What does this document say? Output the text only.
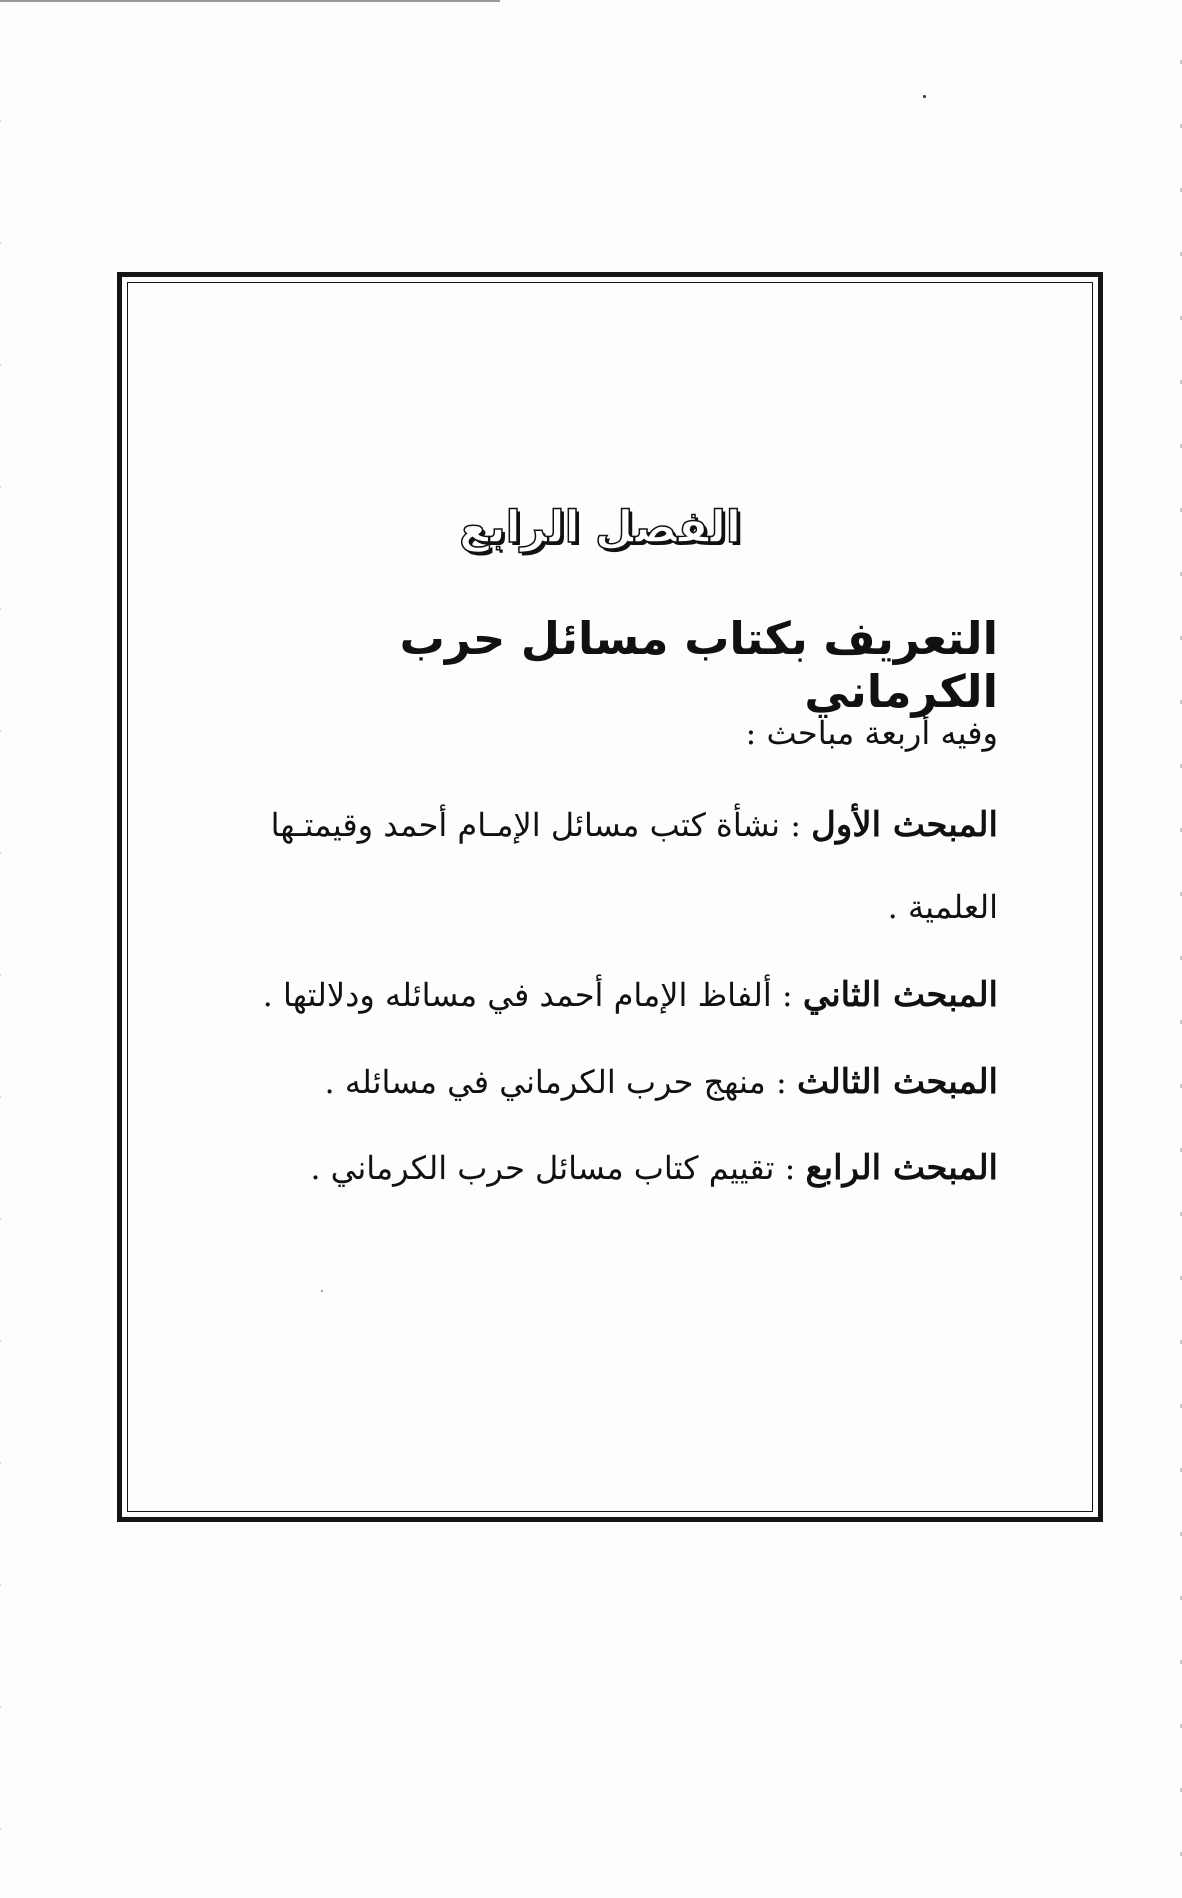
الفصل الرابع
التعريف بكتاب مسائل حرب الكرماني
وفيه أربعة مباحث :
المبحث الأول : نشأة كتب مسائل الإمـام أحمد وقيمتـها العلمية .
المبحث الثاني : ألفاظ الإمام أحمد في مسائله ودلالتها .
المبحث الثالث : منهج حرب الكرماني في مسائله .
المبحث الرابع : تقييم كتاب مسائل حرب الكرماني .
